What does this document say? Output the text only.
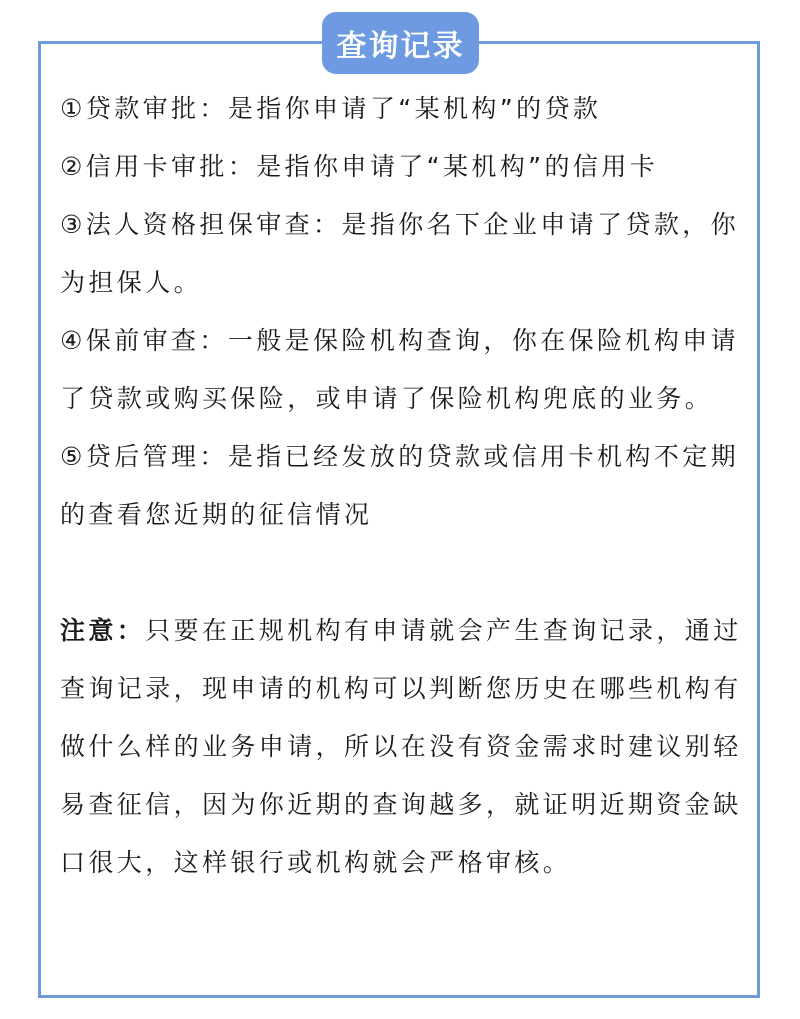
查询记录

①贷款审批：是指你申请了“某机构”的贷款

②信用卡审批：是指你申请了“某机构”的信用卡

③法人资格担保审查：是指你名下企业申请了贷款，你为担保人。

④保前审查：一般是保险机构查询，你在保险机构申请了贷款或购买保险，或申请了保险机构兜底的业务。

⑤贷后管理：是指已经发放的贷款或信用卡机构不定期的查看您近期的征信情况

注意：只要在正规机构有申请就会产生查询记录，通过查询记录，现申请的机构可以判断您历史在哪些机构有做什么样的业务申请，所以在没有资金需求时建议别轻易查征信，因为你近期的查询越多，就证明近期资金缺口很大，这样银行或机构就会严格审核。
